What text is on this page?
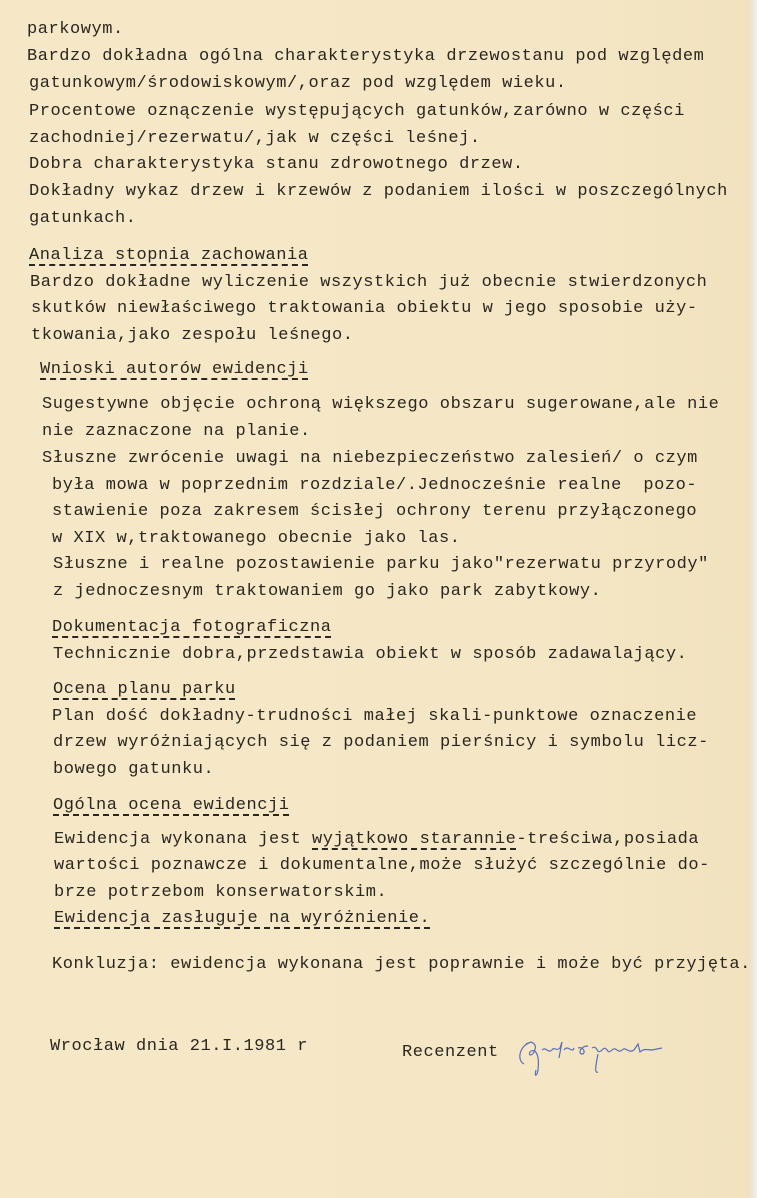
parkowym.
Bardzo dokładna ogólna charakterystyka drzewostanu pod względem
gatunkowym/środowiskowym/,oraz pod względem wieku.
Procentowe oznączenie występujących gatunków,zarówno w części
zachodniej/rezerwatu/,jak w części leśnej.
Dobra charakterystyka stanu zdrowotnego drzew.
Dokładny wykaz drzew i krzewów z podaniem ilości w poszczególnych
gatunkach.
Analiza stopnia zachowania
Bardzo dokładne wyliczenie wszystkich już obecnie stwierdzonych
skutków niewłaściwego traktowania obiektu w jego sposobie uży-
tkowania,jako zespołu leśnego.
Wnioski autorów ewidencji
Sugestywne objęcie ochroną większego obszaru sugerowane,ale nie
nie zaznaczone na planie.
Słuszne zwrócenie uwagi na niebezpieczeństwo zalesień/ o czym
była mowa w poprzednim rozdziale/.Jednocześnie realne  pozo-
stawienie poza zakresem ścisłej ochrony terenu przyłączonego
w XIX w,traktowanego obecnie jako las.
Słuszne i realne pozostawienie parku jako"rezerwatu przyrody"
z jednoczesnym traktowaniem go jako park zabytkowy.
Dokumentacja fotograficzna
Technicznie dobra,przedstawia obiekt w sposób zadawalający.
Ocena planu parku
Plan dość dokładny-trudności małej skali-punktowe oznaczenie
drzew wyróżniających się z podaniem pierśnicy i symbolu licz-
bowego gatunku.
Ogólna ocena ewidencji
Ewidencja wykonana jest wyjątkowo starannie-treściwa,posiada
wartości poznawcze i dokumentalne,może służyć szczególnie do-
brze potrzebom konserwatorskim.
Ewidencja zasługuje na wyróżnienie.
Konkluzja: ewidencja wykonana jest poprawnie i może być przyjęta.
Wrocław dnia 21.I.1981 r	Recenzent
